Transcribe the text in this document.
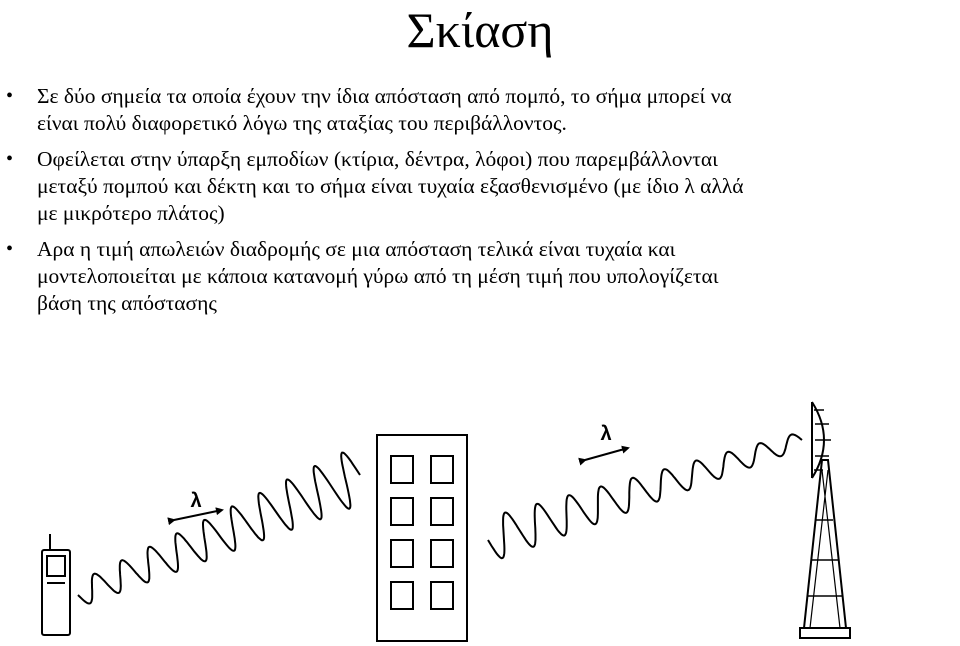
Σκίαση
• Σε δύο σημεία τα οποία έχουν την ίδια απόσταση από πομπό, το σήμα μπορεί να
είναι πολύ διαφορετικό λόγω της αταξίας του περιβάλλοντος.
• Οφείλεται στην ύπαρξη εμποδίων (κτίρια, δέντρα, λόφοι) που παρεμβάλλονται
μεταξύ πομπού και δέκτη και το σήμα είναι τυχαία εξασθενισμένο (με ίδιο λ αλλά
με μικρότερο πλάτος)
• Αρα η τιμή απωλειών διαδρομής σε μια απόσταση τελικά είναι τυχαία και
μοντελοποιείται με κάποια κατανομή γύρω από τη μέση τιμή που υπολογίζεται
βάση της απόστασης
λ
λ
